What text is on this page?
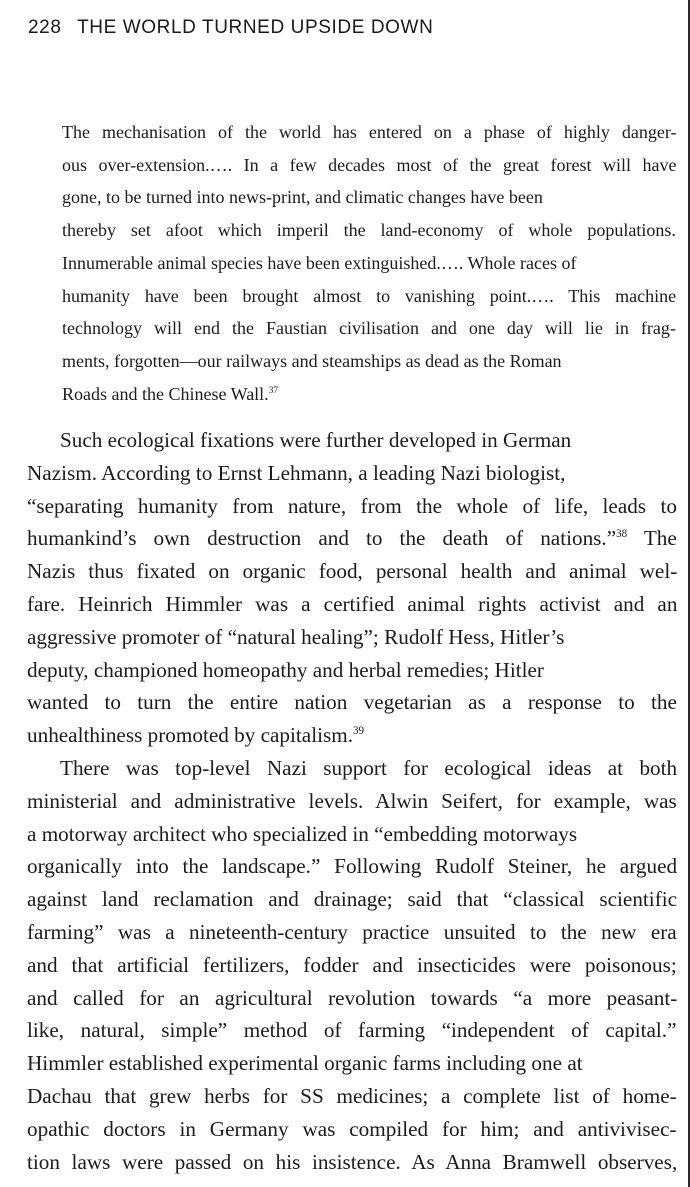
228 THE WORLD TURNED UPSIDE DOWN
The mechanisation of the world has entered on a phase of highly danger-
ous over-extension.…. In a few decades most of the great forest will have
gone, to be turned into news-print, and climatic changes have been
thereby set afoot which imperil the land-economy of whole populations.
Innumerable animal species have been extinguished.…. Whole races of
humanity have been brought almost to vanishing point.…. This machine
technology will end the Faustian civilisation and one day will lie in frag-
ments, forgotten—our railways and steamships as dead as the Roman
Roads and the Chinese Wall.$^{37}$
Such ecological fixations were further developed in German
Nazism. According to Ernst Lehmann, a leading Nazi biologist,
“separating humanity from nature, from the whole of life, leads to
humankind’s own destruction and to the death of nations.”$^{38}$ The
Nazis thus fixated on organic food, personal health and animal wel-
fare. Heinrich Himmler was a certified animal rights activist and an
aggressive promoter of “natural healing”; Rudolf Hess, Hitler’s
deputy, championed homeopathy and herbal remedies; Hitler
wanted to turn the entire nation vegetarian as a response to the
unhealthiness promoted by capitalism.$^{39}$
There was top-level Nazi support for ecological ideas at both
ministerial and administrative levels. Alwin Seifert, for example, was
a motorway architect who specialized in “embedding motorways
organically into the landscape.” Following Rudolf Steiner, he argued
against land reclamation and drainage; said that “classical scientific
farming” was a nineteenth-century practice unsuited to the new era
and that artificial fertilizers, fodder and insecticides were poisonous;
and called for an agricultural revolution towards “a more peasant-
like, natural, simple” method of farming “independent of capital.”
Himmler established experimental organic farms including one at
Dachau that grew herbs for SS medicines; a complete list of home-
opathic doctors in Germany was compiled for him; and antivivisec-
tion laws were passed on his insistence. As Anna Bramwell observes,
